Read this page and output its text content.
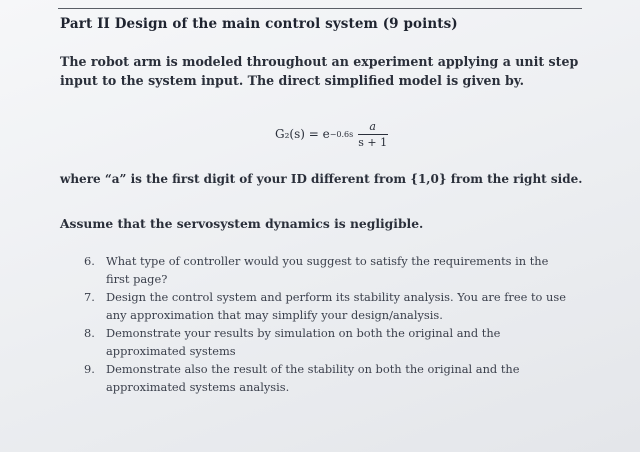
Part II Design of the main control system (9 points)
The robot arm is modeled throughout an experiment applying a unit step input to the system input. The direct simplified model is given by.
$G_2(s) = e -0.6s \frac{a}{s + 1}$
where “a” is the first digit of your ID different from {1,0} from the right side.
Assume that the servosystem dynamics is negligible.
6. What type of controller would you suggest to satisfy the requirements in the first page?
7. Design the control system and perform its stability analysis. You are free to use any approximation that may simplify your design/analysis.
8. Demonstrate your results by simulation on both the original and the approximated systems
9. Demonstrate also the result of the stability on both the original and the approximated systems analysis.
